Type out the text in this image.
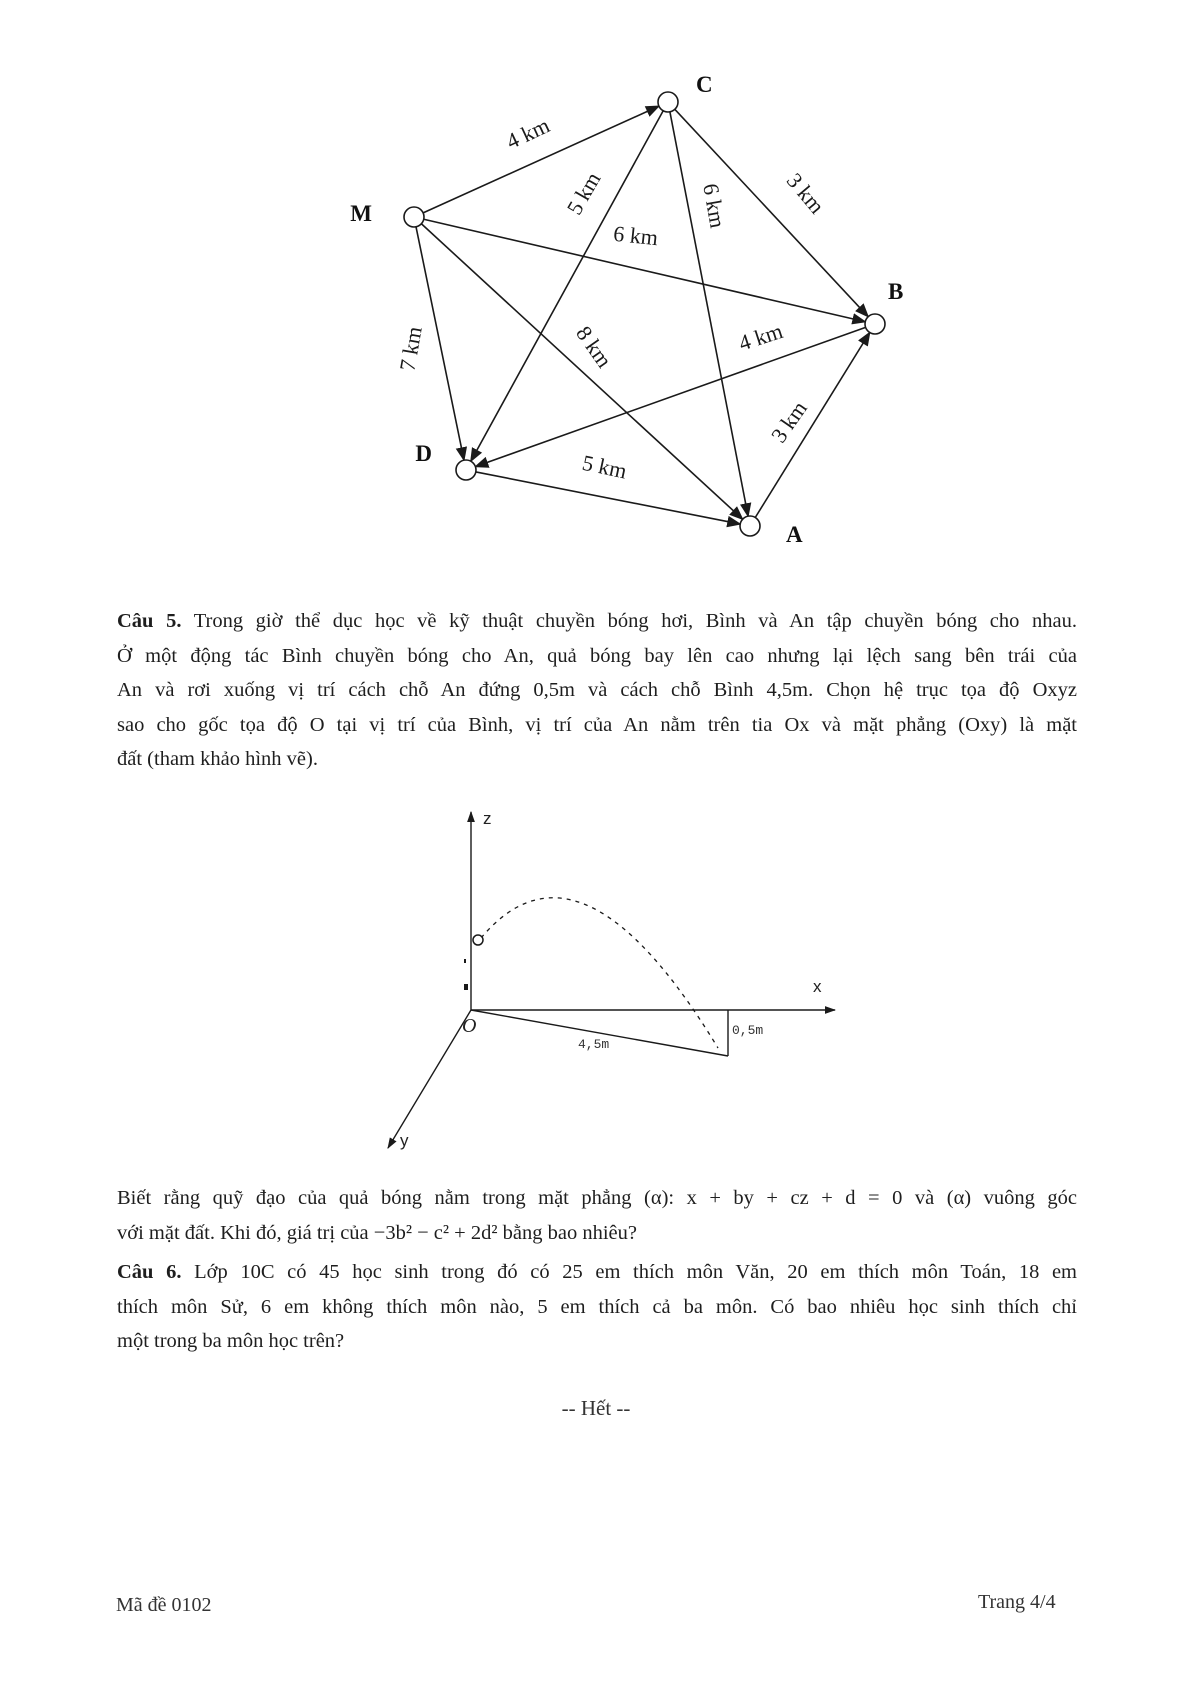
4 km
3 km
3 km
5 km
7 km
6 km
8 km
5 km	6 km
4 km
M
C
B
D
A
Câu 5. Trong giờ thể dục học về kỹ thuật chuyền bóng hơi, Bình và An tập chuyền bóng cho nhau.
Ở một động tác Bình chuyền bóng cho An, quả bóng bay lên cao nhưng lại lệch sang bên trái của
An và rơi xuống vị trí cách chỗ An đứng 0,5m và cách chỗ Bình 4,5m. Chọn hệ trục tọa độ Oxyz
sao cho gốc tọa độ O tại vị trí của Bình, vị trí của An nằm trên tia Ox và mặt phẳng (Oxy) là mặt
đất (tham khảo hình vẽ).
z
x
y
O
4,5m
0,5m
Biết rằng quỹ đạo của quả bóng nằm trong mặt phẳng (α): x + by + cz + d = 0 và (α) vuông góc
với mặt đất. Khi đó, giá trị của −3b² − c² + 2d² bằng bao nhiêu?
Câu 6. Lớp 10C có 45 học sinh trong đó có 25 em thích môn Văn, 20 em thích môn Toán, 18 em
thích môn Sử, 6 em không thích môn nào, 5 em thích cả ba môn. Có bao nhiêu học sinh thích chỉ
một trong ba môn học trên?
-- Hết --
Mã đề 0102	Trang 4/4
